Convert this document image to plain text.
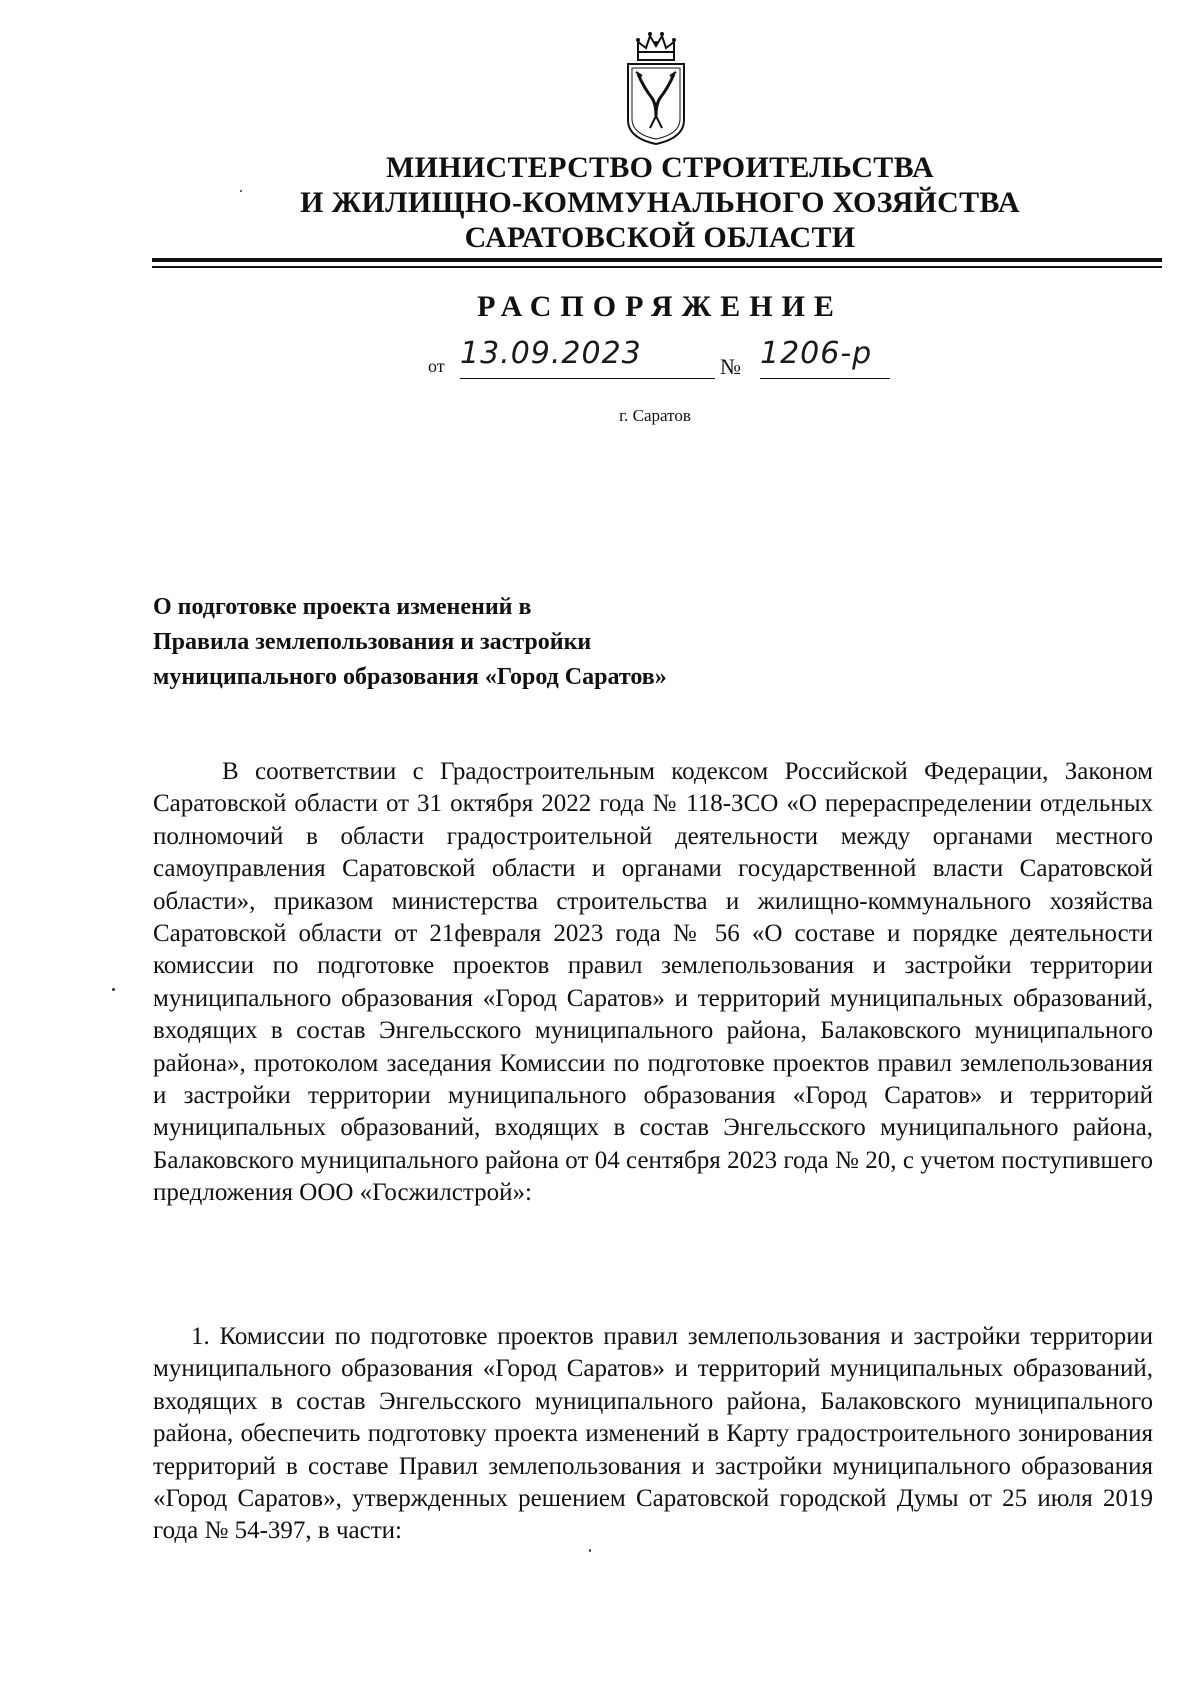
МИНИСТЕРСТВО СТРОИТЕЛЬСТВА
И ЖИЛИЩНО-КОММУНАЛЬНОГО ХОЗЯЙСТВА
САРАТОВСКОЙ ОБЛАСТИ
РАСПОРЯЖЕНИЕ
от 13.09.2023	№ 1206-р
г. Саратов
О подготовке проекта изменений в
Правила землепользования и застройки
муниципального образования «Город Саратов»
В соответствии с Градостроительным кодексом Российской Федерации, Законом Саратовской области от 31 октября 2022 года № 118-ЗСО «О перераспределении отдельных полномочий в области градостроительной деятельности между органами местного самоуправления Саратовской области и органами государственной власти Саратовской области», приказом министерства строительства и жилищно-коммунального хозяйства Саратовской области от 21февраля 2023 года № 56 «О составе и порядке деятельности комиссии по подготовке проектов правил землепользования и застройки территории муниципального образования «Город Саратов» и территорий муниципальных образований, входящих в состав Энгельсского муниципального района, Балаковского муниципального района», протоколом заседания Комиссии по подготовке проектов правил землепользования и застройки территории муниципального образования «Город Саратов» и территорий муниципальных образований, входящих в состав Энгельсского муниципального района, Балаковского муниципального района от 04 сентября 2023 года № 20, с учетом поступившего предложения ООО «Госжилстрой»:
1. Комиссии по подготовке проектов правил землепользования и застройки территории муниципального образования «Город Саратов» и территорий муниципальных образований, входящих в состав Энгельсского муниципального района, Балаковского муниципального района, обеспечить подготовку проекта изменений в Карту градостроительного зонирования территорий в составе Правил землепользования и застройки муниципального образования «Город Саратов», утвержденных решением Саратовской городской Думы от 25 июля 2019 года № 54-397, в части:
